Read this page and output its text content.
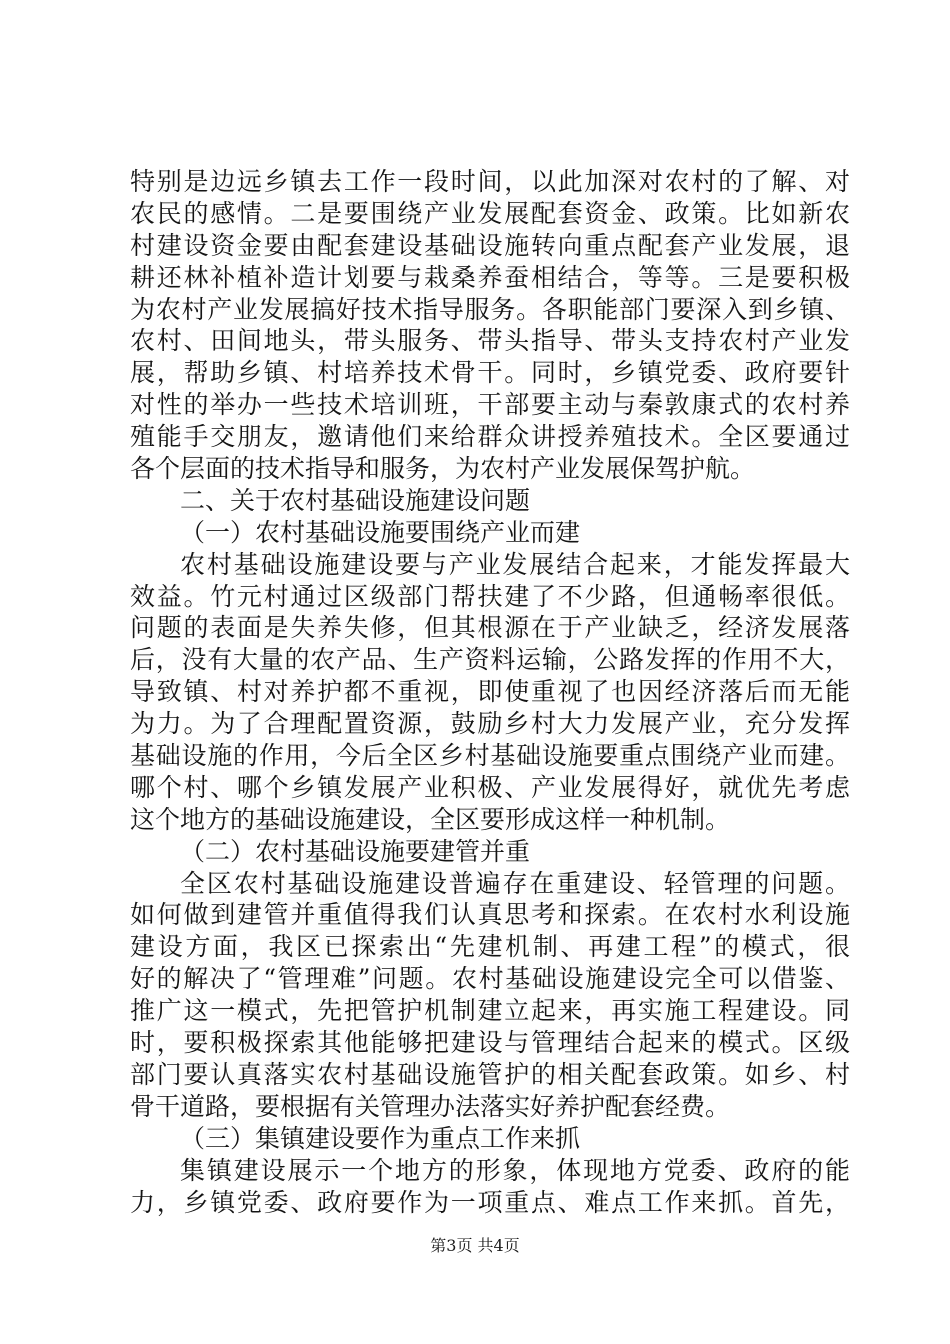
特别是边远乡镇去工作一段时间，以此加深对农村的了解、对
农民的感情。二是要围绕产业发展配套资金、政策。比如新农
村建设资金要由配套建设基础设施转向重点配套产业发展，退
耕还林补植补造计划要与栽桑养蚕相结合，等等。三是要积极
为农村产业发展搞好技术指导服务。各职能部门要深入到乡镇、
农村、田间地头，带头服务、带头指导、带头支持农村产业发
展，帮助乡镇、村培养技术骨干。同时，乡镇党委、政府要针
对性的举办一些技术培训班，干部要主动与秦敦康式的农村养
殖能手交朋友，邀请他们来给群众讲授养殖技术。全区要通过
各个层面的技术指导和服务，为农村产业发展保驾护航。
二、关于农村基础设施建设问题
（一）农村基础设施要围绕产业而建
农村基础设施建设要与产业发展结合起来，才能发挥最大
效益。竹元村通过区级部门帮扶建了不少路，但通畅率很低。
问题的表面是失养失修，但其根源在于产业缺乏，经济发展落
后，没有大量的农产品、生产资料运输，公路发挥的作用不大，
导致镇、村对养护都不重视，即使重视了也因经济落后而无能
为力。为了合理配置资源，鼓励乡村大力发展产业，充分发挥
基础设施的作用，今后全区乡村基础设施要重点围绕产业而建。
哪个村、哪个乡镇发展产业积极、产业发展得好，就优先考虑
这个地方的基础设施建设，全区要形成这样一种机制。
（二）农村基础设施要建管并重
全区农村基础设施建设普遍存在重建设、轻管理的问题。
如何做到建管并重值得我们认真思考和探索。在农村水利设施
建设方面，我区已探索出“先建机制、再建工程”的模式，很
好的解决了“管理难”问题。农村基础设施建设完全可以借鉴、
推广这一模式，先把管护机制建立起来，再实施工程建设。同
时，要积极探索其他能够把建设与管理结合起来的模式。区级
部门要认真落实农村基础设施管护的相关配套政策。如乡、村
骨干道路，要根据有关管理办法落实好养护配套经费。
（三）集镇建设要作为重点工作来抓
集镇建设展示一个地方的形象，体现地方党委、政府的能
力，乡镇党委、政府要作为一项重点、难点工作来抓。首先，
第3页 共4页
